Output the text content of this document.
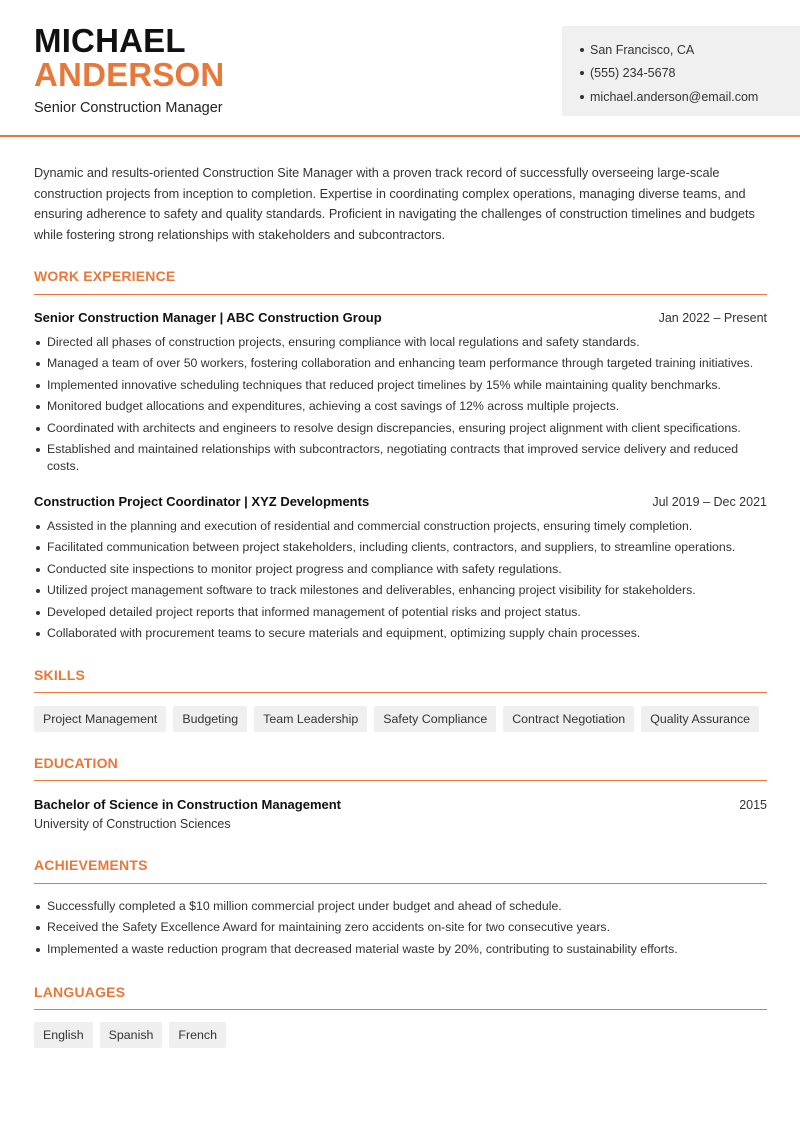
MICHAEL
ANDERSON
Senior Construction Manager
San Francisco, CA
(555) 234-5678
michael.anderson@email.com

Dynamic and results-oriented Construction Site Manager with a proven track record of successfully overseeing large-scale construction projects from inception to completion. Expertise in coordinating complex operations, managing diverse teams, and ensuring adherence to safety and quality standards. Proficient in navigating the challenges of construction timelines and budgets while fostering strong relationships with stakeholders and subcontractors.

WORK EXPERIENCE
Senior Construction Manager | ABC Construction Group	Jan 2022 – Present
Directed all phases of construction projects, ensuring compliance with local regulations and safety standards.
Managed a team of over 50 workers, fostering collaboration and enhancing team performance through targeted training initiatives.
Implemented innovative scheduling techniques that reduced project timelines by 15% while maintaining quality benchmarks.
Monitored budget allocations and expenditures, achieving a cost savings of 12% across multiple projects.
Coordinated with architects and engineers to resolve design discrepancies, ensuring project alignment with client specifications.
Established and maintained relationships with subcontractors, negotiating contracts that improved service delivery and reduced costs.
Construction Project Coordinator | XYZ Developments	Jul 2019 – Dec 2021
Assisted in the planning and execution of residential and commercial construction projects, ensuring timely completion.
Facilitated communication between project stakeholders, including clients, contractors, and suppliers, to streamline operations.
Conducted site inspections to monitor project progress and compliance with safety regulations.
Utilized project management software to track milestones and deliverables, enhancing project visibility for stakeholders.
Developed detailed project reports that informed management of potential risks and project status.
Collaborated with procurement teams to secure materials and equipment, optimizing supply chain processes.
SKILLS
Project Management	Budgeting	Team Leadership	Safety Compliance	Contract Negotiation	Quality Assurance
EDUCATION
Bachelor of Science in Construction Management	2015
University of Construction Sciences
ACHIEVEMENTS
Successfully completed a $10 million commercial project under budget and ahead of schedule.
Received the Safety Excellence Award for maintaining zero accidents on-site for two consecutive years.
Implemented a waste reduction program that decreased material waste by 20%, contributing to sustainability efforts.
LANGUAGES
English	Spanish	French
